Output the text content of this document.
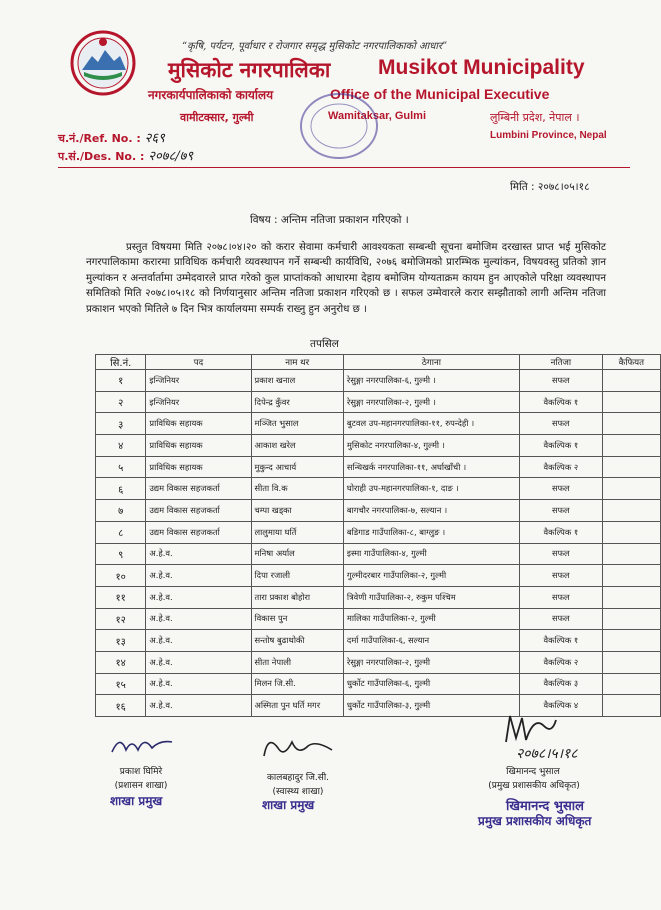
“कृषि, पर्यटन, पूर्वाधार र रोजगार समृद्ध मुसिकोट नगरपालिकाको आधार”
मुसिकोट नगरपालिका Musikot Municipality
नगरकार्यपालिकाको कार्यालय	Office of the Municipal Executive
वामीटक्सार, गुल्मी	Wamitaksar, Gulmi	लुम्बिनी प्रदेश, नेपाल ।
Lumbini Province, Nepal
च.नं./Ref. No. : २६९
प.सं./Des. No. : २०७८/७९
मिति : २०७८।०५।१८
विषय : अन्तिम नतिजा प्रकाशन गरिएको ।
प्रस्तुत विषयमा मिति २०७८।०४।२० को करार सेवामा कर्मचारी आवश्यकता सम्बन्धी सूचना बमोजिम दरखास्त प्राप्त भई मुसिकोट नगरपालिकामा करारमा प्राविधिक कर्मचारी व्यवस्थापन गर्ने सम्बन्धी कार्यविधि, २०७६ बमोजिमको प्रारम्भिक मुल्यांकन, विषयवस्तु प्रतिको ज्ञान मुल्यांकन र अन्तर्वार्तामा उम्मेदवारले प्राप्त गरेको कुल प्राप्तांकको आधारमा देहाय बमोजिम योग्यताक्रम कायम हुन आएकोले परिक्षा व्यवस्थापन समितिको मिति २०७८।०५।१८ को निर्णयानुसार अन्तिम नतिजा प्रकाशन गरिएको छ । सफल उम्मेवारले करार सम्झौताको लागी अन्तिम नतिजा प्रकाशन भएको मितिले ७ दिन भित्र कार्यालयमा सम्पर्क राख्नु हुन अनुरोध छ ।
तपसिल
सि.नं.	पद	नाम थर	ठेगाना	नतिजा	कैफियत
१	इन्जिनियर	प्रकाश खनाल	रेसुङ्गा नगरपालिका-६, गुल्मी ।	सफल	
२	इन्जिनियर	दिपेन्द्र कुँवर	रेसुङ्गा नगरपालिका-२, गुल्मी ।	वैकल्पिक १	
३	प्राविधिक सहायक	मञ्जित भुसाल	बुटवल उप-महानगरपालिका-११, रुपन्देही ।	सफल	
४	प्राविधिक सहायक	आकाश खरेल	मुसिकोट नगरपालिका-४, गुल्मी ।	वैकल्पिक १	
५	प्राविधिक सहायक	मुकुन्द आचार्य	सन्धिखर्क नगरपालिका-११, अर्घाखाँची ।	वैकल्पिक २	
६	उद्यम विकास सहजकर्ता	सीता वि.क	घोराही उप-महानगरपालिका-१, दाङ ।	सफल	
७	उद्यम विकास सहजकर्ता	चम्पा खड्का	बागचौर नगरपालिका-७, सल्यान ।	सफल	
८	उद्यम विकास सहजकर्ता	लालुमाया घर्ति	बडिगाड गाउँपालिका-८, बाग्लुङ ।	वैकल्पिक १	
९	अ.हे.व.	मनिषा अर्याल	इस्मा गाउँपालिका-४, गुल्मी	सफल	
१०	अ.हे.व.	दिपा रजाली	गुल्मीदरबार गाउँपालिका-२, गुल्मी	सफल	
११	अ.हे.व.	तारा प्रकाश बोहोरा	त्रिवेणी गाउँपालिका-२, रुकुम पश्चिम	सफल	
१२	अ.हे.व.	विकास पुन	मालिका गाउँपालिका-२, गुल्मी	सफल	
१३	अ.हे.व.	सन्तोष बुढाथोकी	दर्मा गाउँपालिका-६, सल्यान	वैकल्पिक १	
१४	अ.हे.व.	सीता नेपाली	रेसुङ्गा नगरपालिका-२, गुल्मी	वैकल्पिक २	
१५	अ.हे.व.	मिलन जि.सी.	धुर्कोट गाउँपालिका-६, गुल्मी	वैकल्पिक ३	
१६	अ.हे.व.	अस्मिता पुन घर्ति मगर	धुर्कोट गाउँपालिका-३, गुल्मी	वैकल्पिक ४	
प्रकाश घिमिरे
(प्रशासन शाखा)
शाखा प्रमुख
कालबहादुर जि.सी.
(स्वास्थ्य शाखा)
शाखा प्रमुख
२०७८।५।१८
खिमानन्द भुसाल
(प्रमुख प्रशासकीय अधिकृत)
खिमानन्द भुसाल
प्रमुख प्रशासकीय अधिकृत
